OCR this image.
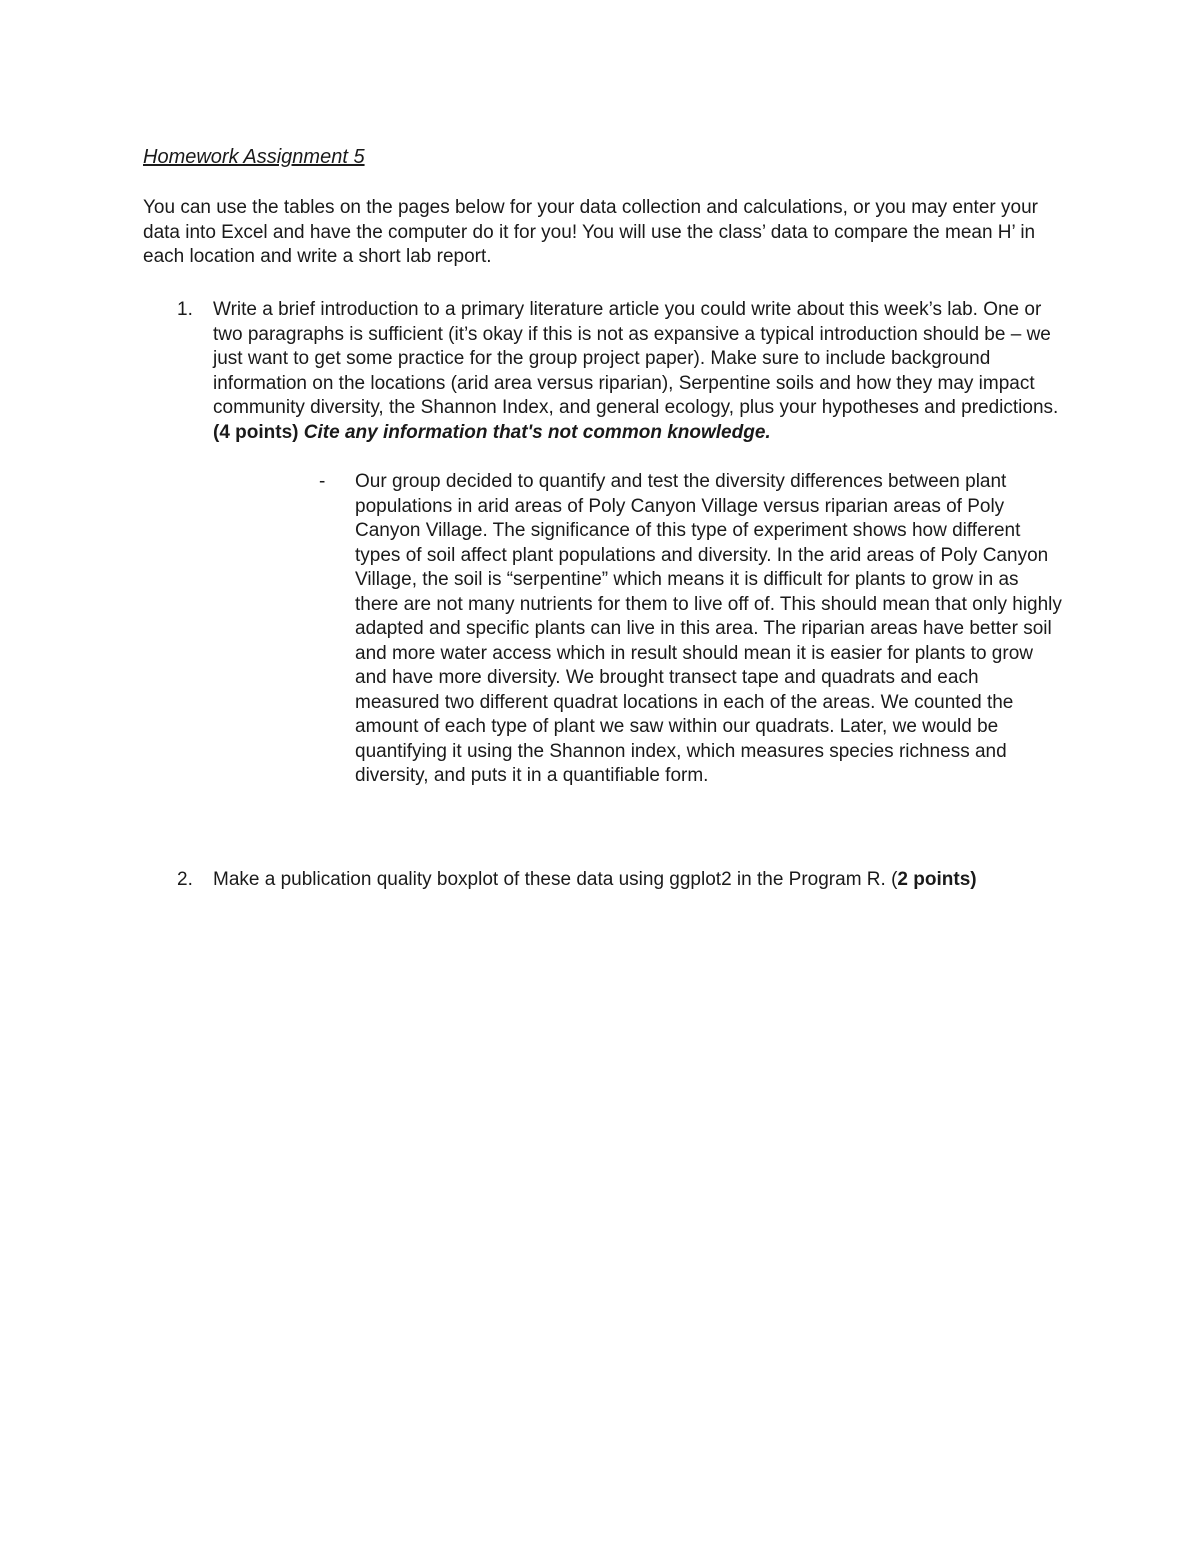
Homework Assignment 5
You can use the tables on the pages below for your data collection and calculations, or you may enter your data into Excel and have the computer do it for you! You will use the class’ data to compare the mean H’ in each location and write a short lab report.
1. Write a brief introduction to a primary literature article you could write about this week’s lab. One or two paragraphs is sufficient (it’s okay if this is not as expansive a typical introduction should be – we just want to get some practice for the group project paper). Make sure to include background information on the locations (arid area versus riparian), Serpentine soils and how they may impact community diversity, the Shannon Index, and general ecology, plus your hypotheses and predictions. (4 points) Cite any information that's not common knowledge.
- Our group decided to quantify and test the diversity differences between plant populations in arid areas of Poly Canyon Village versus riparian areas of Poly Canyon Village. The significance of this type of experiment shows how different types of soil affect plant populations and diversity. In the arid areas of Poly Canyon Village, the soil is “serpentine” which means it is difficult for plants to grow in as there are not many nutrients for them to live off of. This should mean that only highly adapted and specific plants can live in this area. The riparian areas have better soil and more water access which in result should mean it is easier for plants to grow and have more diversity. We brought transect tape and quadrats and each measured two different quadrat locations in each of the areas. We counted the amount of each type of plant we saw within our quadrats. Later, we would be quantifying it using the Shannon index, which measures species richness and diversity, and puts it in a quantifiable form.
2. Make a publication quality boxplot of these data using ggplot2 in the Program R. (2 points)
